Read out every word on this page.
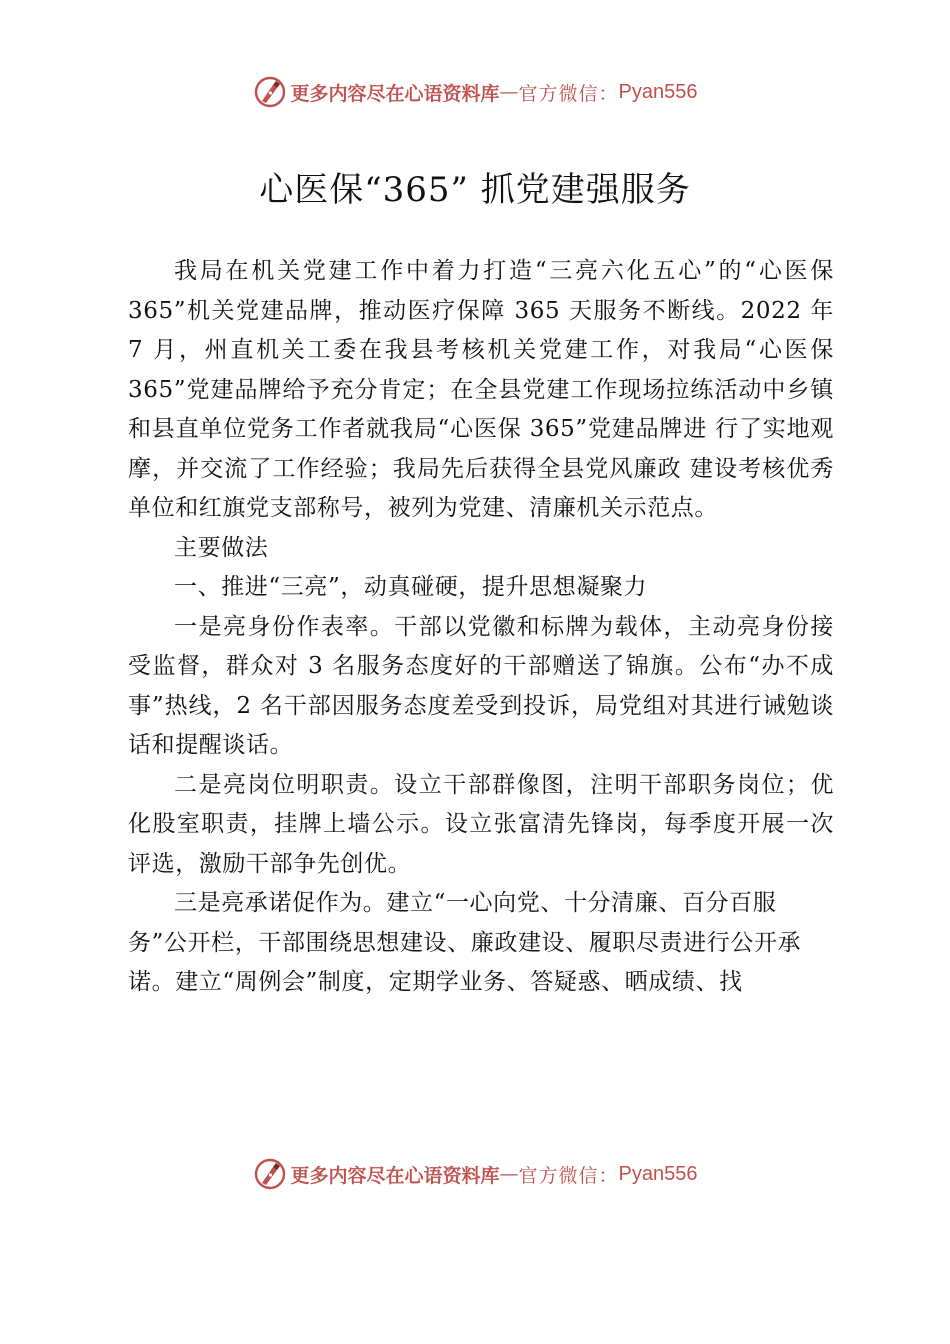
更多内容尽在心语资料库 — 官方微信： Pyan556
心医保“365” 抓党建强服务

我局在机关党建工作中着力打造“三亮六化五心”的“心医保 365”机关党建品牌，推动医疗保障 365 天服务不断线。2022 年 7 月，州直机关工委在我县考核机关党建工作，对我局“心医保 365”党建品牌给予充分肯定；在全县党建工作现场拉练活动中乡镇和县直单位党务工作者就我局“心医保 365”党建品牌进 行了实地观摩，并交流了工作经验；我局先后获得全县党风廉政 建设考核优秀单位和红旗党支部称号，被列为党建、清廉机关示范点。

主要做法

一、推进“三亮”，动真碰硬，提升思想凝聚力

一是亮身份作表率。干部以党徽和标牌为载体，主动亮身份接受监督，群众对 3 名服务态度好的干部赠送了锦旗。公布“办不成事”热线，2 名干部因服务态度差受到投诉，局党组对其进行诫勉谈话和提醒谈话。

二是亮岗位明职责。设立干部群像图，注明干部职务岗位；优化股室职责，挂牌上墙公示。设立张富清先锋岗，每季度开展一次评选，激励干部争先创优。

三是亮承诺促作为。建立“一心向党、十分清廉、百分百服务”公开栏，干部围绕思想建设、廉政建设、履职尽责进行公开承诺。建立“周例会”制度，定期学业务、答疑惑、晒成绩、找

更多内容尽在心语资料库 — 官方微信： Pyan556
